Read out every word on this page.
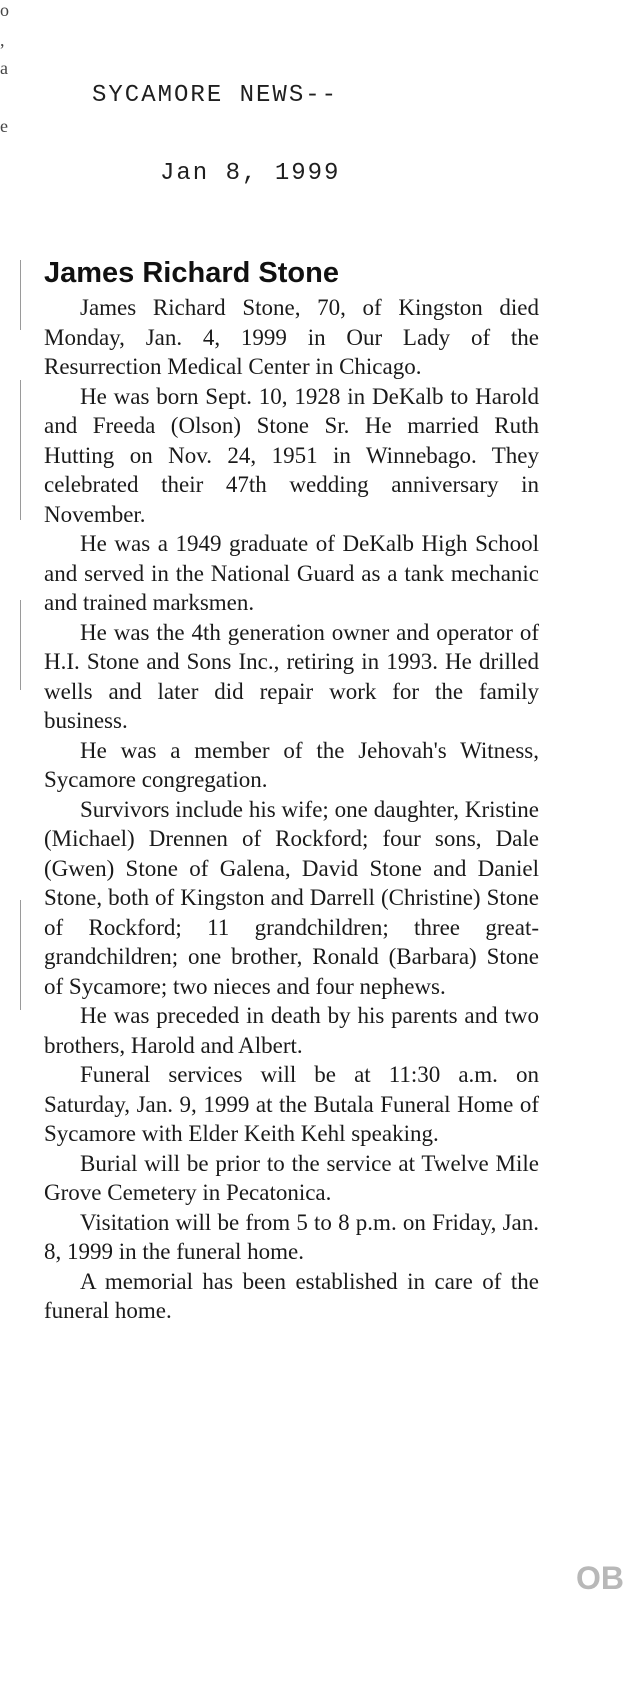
o
,
a
e
SYCAMORE NEWS--
Jan 8, 1999
James Richard Stone

James Richard Stone, 70, of Kingston died Monday, Jan. 4, 1999 in Our Lady of the Resurrection Medical Center in Chicago.

He was born Sept. 10, 1928 in DeKalb to Harold and Freeda (Olson) Stone Sr. He married Ruth Hutting on Nov. 24, 1951 in Winnebago. They celebrated their 47th wedding anniversary in November.

He was a 1949 graduate of DeKalb High School and served in the National Guard as a tank mechanic and trained marksmen.

He was the 4th generation owner and operator of H.I. Stone and Sons Inc., retiring in 1993. He drilled wells and later did repair work for the family business.

He was a member of the Jehovah's Witness, Sycamore congregation.

Survivors include his wife; one daughter, Kristine (Michael) Drennen of Rockford; four sons, Dale (Gwen) Stone of Galena, David Stone and Daniel Stone, both of Kingston and Darrell (Christine) Stone of Rockford; 11 grandchildren; three great-grandchildren; one brother, Ronald (Barbara) Stone of Sycamore; two nieces and four nephews.

He was preceded in death by his parents and two brothers, Harold and Albert.

Funeral services will be at 11:30 a.m. on Saturday, Jan. 9, 1999 at the Butala Funeral Home of Sycamore with Elder Keith Kehl speaking.

Burial will be prior to the service at Twelve Mile Grove Cemetery in Pecatonica.

Visitation will be from 5 to 8 p.m. on Friday, Jan. 8, 1999 in the funeral home.

A memorial has been established in care of the funeral home.

OB
